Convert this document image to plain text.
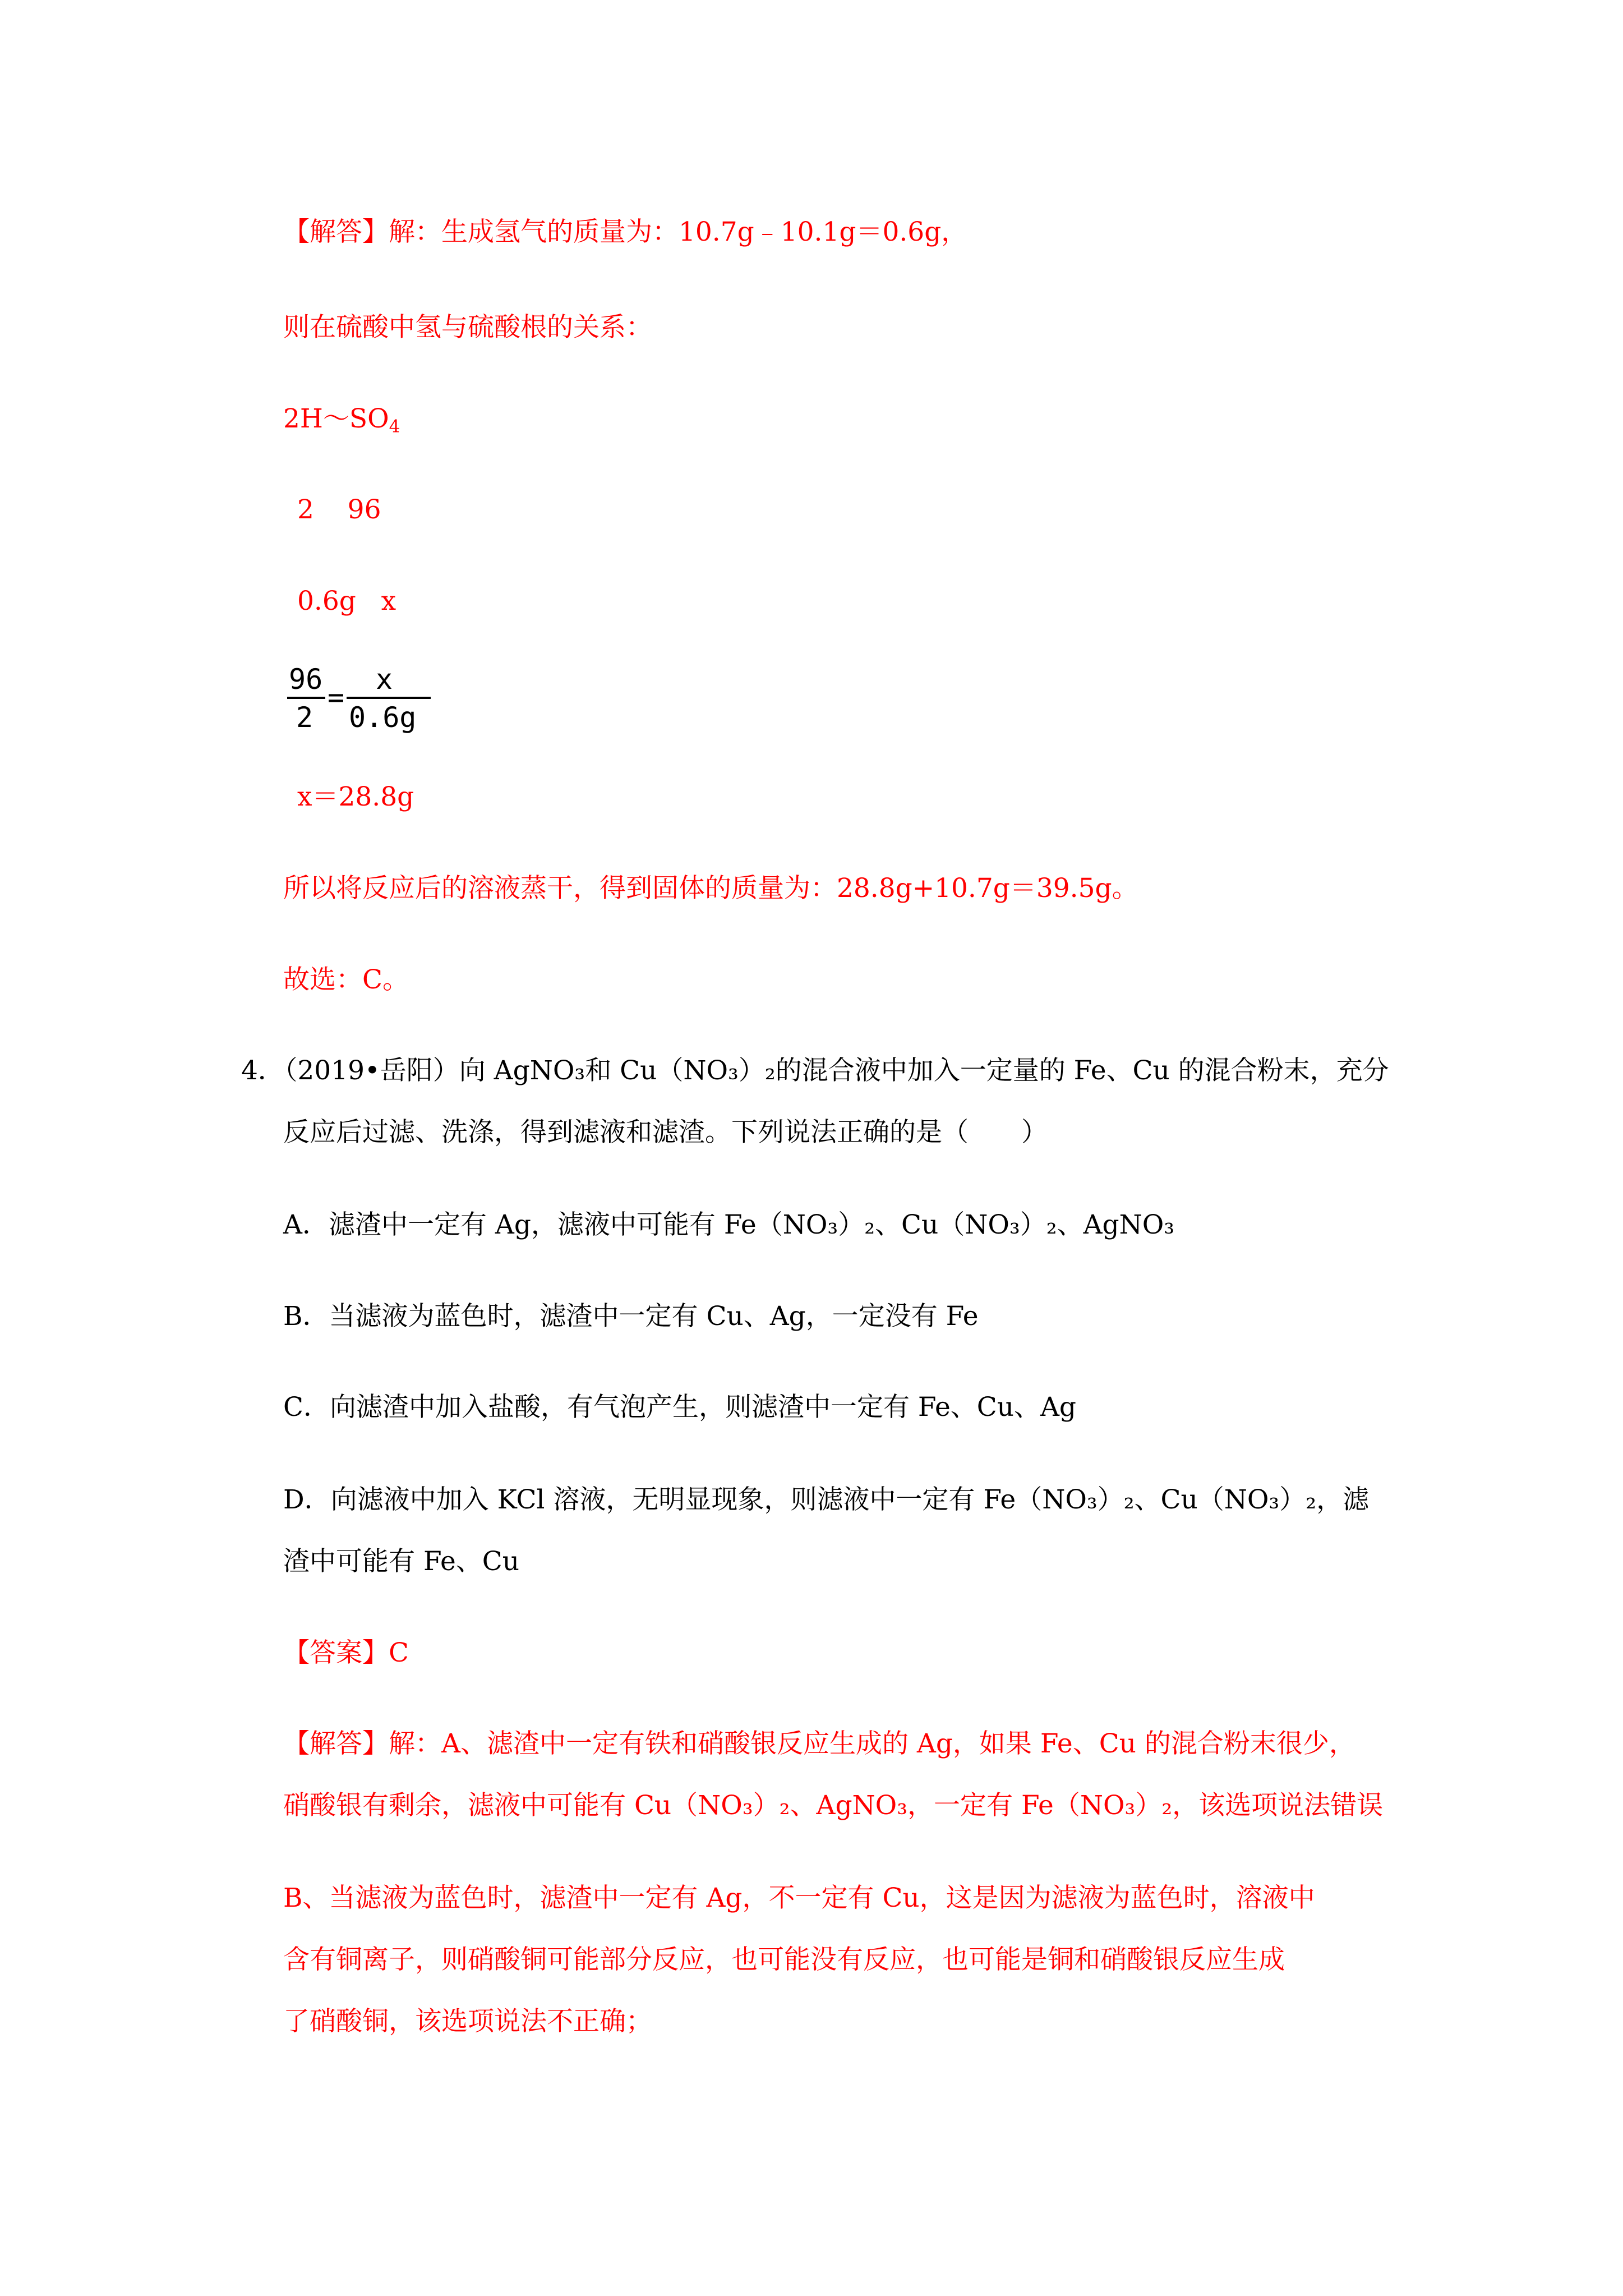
【解答】解：生成氢气的质量为：10.7g﹣10.1g＝0.6g，
则在硫酸中氢与硫酸根的关系：
$2H\sim SO_4$
2    96
0.6g   x
96
2
=
x
0.6g
x＝28.8g
所以将反应后的溶液蒸干，得到固体的质量为：28.8g+10.7g＝39.5g。
故选：C。
4．（2019•岳阳）向 AgNO₃和 Cu（NO₃）₂的混合液中加入一定量的 Fe、Cu 的混合粉末，充分
反应后过滤、洗涤，得到滤液和滤渣。下列说法正确的是（　　）
A．滤渣中一定有 Ag，滤液中可能有 Fe（NO₃）₂、Cu（NO₃）₂、AgNO₃
B．当滤液为蓝色时，滤渣中一定有 Cu、Ag，一定没有 Fe
C．向滤渣中加入盐酸，有气泡产生，则滤渣中一定有 Fe、Cu、Ag
D．向滤液中加入 KCl 溶液，无明显现象，则滤液中一定有 Fe（NO₃）₂、Cu（NO₃）₂，滤
渣中可能有 Fe、Cu
【答案】C
【解答】解：A、滤渣中一定有铁和硝酸银反应生成的 Ag，如果 Fe、Cu 的混合粉末很少，
硝酸银有剩余，滤液中可能有 Cu（NO₃）₂、AgNO₃，一定有 Fe（NO₃）₂，该选项说法错误
B、当滤液为蓝色时，滤渣中一定有 Ag，不一定有 Cu，这是因为滤液为蓝色时，溶液中
含有铜离子，则硝酸铜可能部分反应，也可能没有反应，也可能是铜和硝酸银反应生成
了硝酸铜，该选项说法不正确；
